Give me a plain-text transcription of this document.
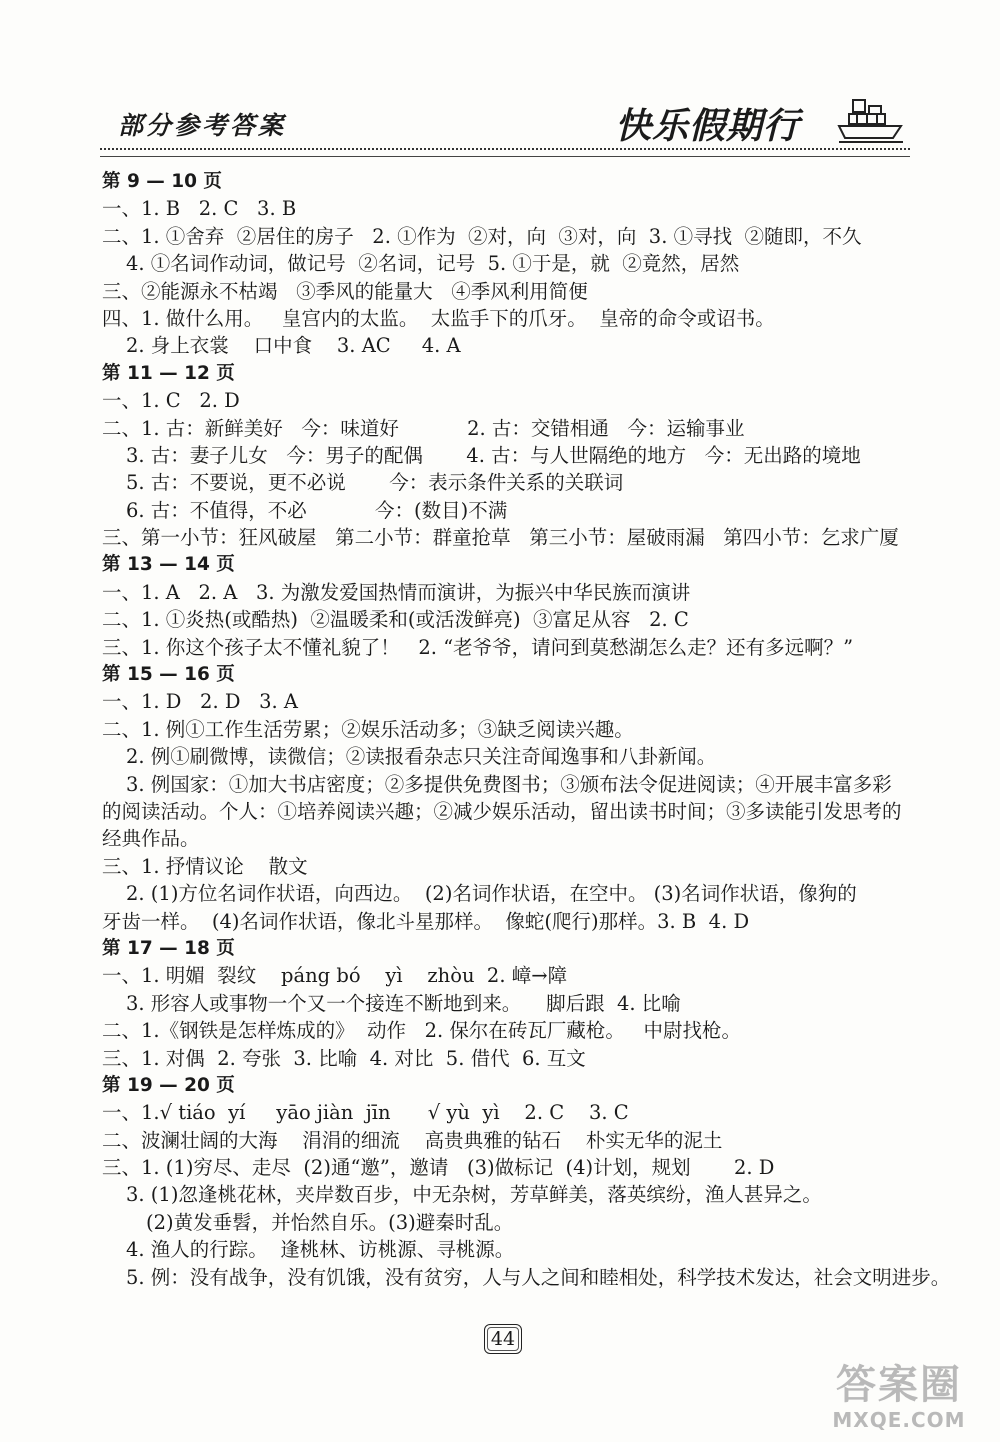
部分参考答案	快乐假期行
第 9 — 10 页
一、1. B   2. C   3. B
二、1. ①舍弃  ②居住的房子   2. ①作为  ②对，向  ③对，向  3. ①寻找  ②随即，不久
4. ①名词作动词，做记号  ②名词，记号  5. ①于是，就  ②竟然，居然
三、②能源永不枯竭   ③季风的能量大   ④季风利用简便
四、1. 做什么用。   皇宫内的太监。  太监手下的爪牙。  皇帝的命令或诏书。
2. 身上衣裳    口中食    3. AC     4. A
第 11 — 12 页
一、1. C   2. D
二、1. 古：新鲜美好   今：味道好           2. 古：交错相通   今：运输事业
3. 古：妻子儿女   今：男子的配偶       4. 古：与人世隔绝的地方   今：无出路的境地
5. 古：不要说，更不必说       今：表示条件关系的关联词
6. 古：不值得，不必           今：(数目)不满
三、第一小节：狂风破屋   第二小节：群童抢草   第三小节：屋破雨漏   第四小节：乞求广厦
第 13 — 14 页
一、1. A   2. A   3. 为激发爱国热情而演讲，为振兴中华民族而演讲
二、1. ①炎热(或酷热)  ②温暖柔和(或活泼鲜亮)  ③富足从容   2. C
三、1. 你这个孩子太不懂礼貌了！   2. “老爷爷，请问到莫愁湖怎么走？还有多远啊？”
第 15 — 16 页
一、1. D   2. D   3. A
二、1. 例①工作生活劳累；②娱乐活动多；③缺乏阅读兴趣。
2. 例①刷微博，读微信；②读报看杂志只关注奇闻逸事和八卦新闻。
3. 例国家：①加大书店密度；②多提供免费图书；③颁布法令促进阅读；④开展丰富多彩
的阅读活动。个人：①培养阅读兴趣；②减少娱乐活动，留出读书时间；③多读能引发思考的
经典作品。
三、1. 抒情议论    散文
2. (1)方位名词作状语，向西边。  (2)名词作状语，在空中。 (3)名词作状语，像狗的
牙齿一样。  (4)名词作状语，像北斗星那样。  像蛇(爬行)那样。3. B  4. D
第 17 — 18 页
一、1. 明媚  裂纹    páng bó    yì    zhòu  2. 嶂→障
3. 形容人或事物一个又一个接连不断地到来。    脚后跟  4. 比喻
二、1.《钢铁是怎样炼成的》  动作   2. 保尔在砖瓦厂藏枪。   中尉找枪。
三、1. 对偶  2. 夸张  3. 比喻  4. 对比  5. 借代  6. 互文
第 19 — 20 页
一、1.√ tiáo  yí     yāo jiàn  jīn      √ yù  yì    2. C    3. C
二、波澜壮阔的大海    涓涓的细流    高贵典雅的钻石    朴实无华的泥土
三、1. (1)穷尽、走尽  (2)通“邀”，邀请   (3)做标记  (4)计划，规划       2. D
3. (1)忽逢桃花林，夹岸数百步，中无杂树，芳草鲜美，落英缤纷，渔人甚异之。
(2)黄发垂髫，并怡然自乐。(3)避秦时乱。
4. 渔人的行踪。  逢桃林、访桃源、寻桃源。
5. 例：没有战争，没有饥饿，没有贫穷，人与人之间和睦相处，科学技术发达，社会文明进步。
44
答案圈
MXQE.COM
